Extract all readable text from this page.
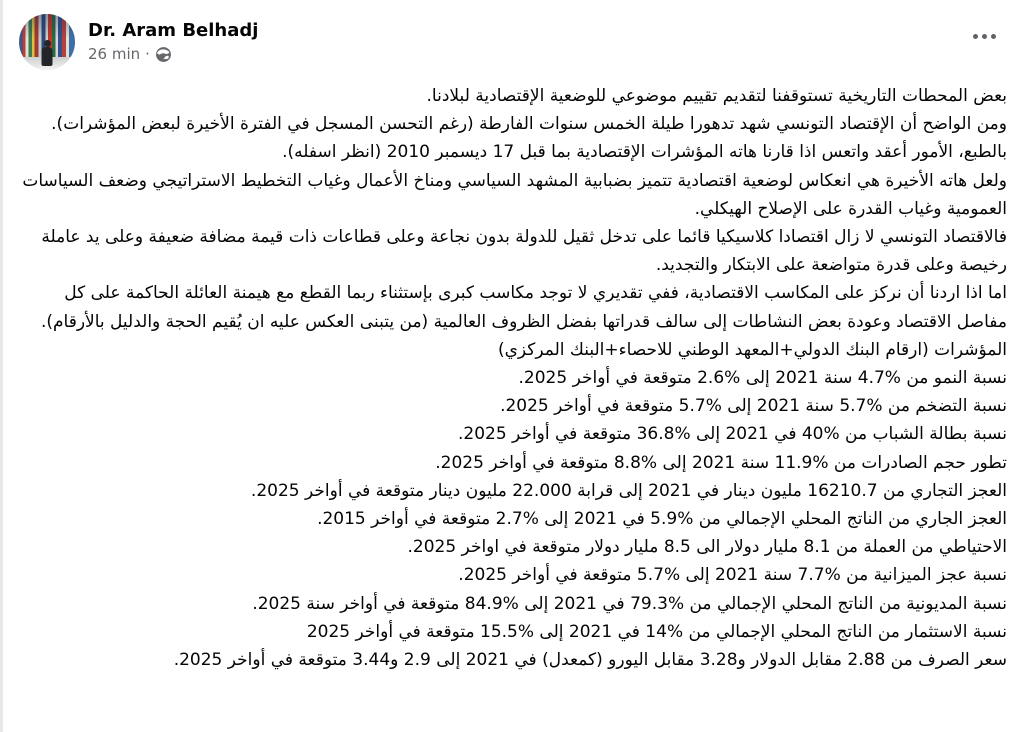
Dr. Aram Belhadj
26 min ·
بعض المحطات التاريخية تستوقفنا لتقديم تقييم موضوعي للوضعية الإقتصادية لبلادنا.
ومن الواضح أن الإقتصاد التونسي شهد تدهورا طيلة الخمس سنوات الفارطة (رغم التحسن المسجل في الفترة الأخيرة لبعض المؤشرات). بالطبع، الأمور أعقد واتعس اذا قارنا هاته المؤشرات الإقتصادية بما قبل 17 ديسمبر 2010 (انظر اسفله).
ولعل هاته الأخيرة هي انعكاس لوضعية اقتصادية تتميز بضبابية المشهد السياسي ومناخ الأعمال وغياب التخطيط الاستراتيجي وضعف السياسات العمومية وغياب القدرة على الإصلاح الهيكلي.
فالاقتصاد التونسي لا زال اقتصادا كلاسيكيا قائما على تدخل ثقيل للدولة بدون نجاعة وعلى قطاعات ذات قيمة مضافة ضعيفة وعلى يد عاملة رخيصة وعلى قدرة متواضعة على الابتكار والتجديد.
اما اذا اردنا أن نركز على المكاسب الاقتصادية، ففي تقديري لا توجد مكاسب كبرى بإستثناء ربما القطع مع هيمنة العائلة الحاكمة على كل مفاصل الاقتصاد وعودة بعض النشاطات إلى سالف قدراتها بفضل الظروف العالمية (من يتبنى العكس عليه ان يُقيم الحجة والدليل بالأرقام).
المؤشرات (ارقام البنك الدولي+المعهد الوطني للاحصاء+البنك المركزي)
نسبة النمو من %4.7 سنة 2021 إلى %2.6 متوقعة في أواخر 2025.
نسبة التضخم من %5.7 سنة 2021 إلى %5.7 متوقعة في أواخر 2025.
نسبة بطالة الشباب من %40 في 2021 إلى %36.8 متوقعة في أواخر 2025.
تطور حجم الصادرات من %11.9 سنة 2021 إلى %8.8 متوقعة في أواخر 2025.
العجز التجاري من 16210.7 مليون دينار في 2021 إلى قرابة 22.000 مليون دينار متوقعة في أواخر 2025.
العجز الجاري من الناتج المحلي الإجمالي من %5.9 في 2021 إلى %2.7 متوقعة في أواخر 2015.
الاحتياطي من العملة من 8.1 مليار دولار الى 8.5 مليار دولار متوقعة في اواخر 2025.
نسبة عجز الميزانية من %7.7 سنة 2021 إلى %5.7 متوقعة في أواخر 2025.
نسبة المديونية من الناتج المحلي الإجمالي من %79.3 في 2021 إلى %84.9 متوقعة في أواخر سنة 2025.
نسبة الاستثمار من الناتج المحلي الإجمالي من %14 في 2021 إلى %15.5 متوقعة في أواخر 2025
سعر الصرف من 2.88 مقابل الدولار و3.28 مقابل اليورو (كمعدل) في 2021 إلى 2.9 و3.44 متوقعة في أواخر 2025.
